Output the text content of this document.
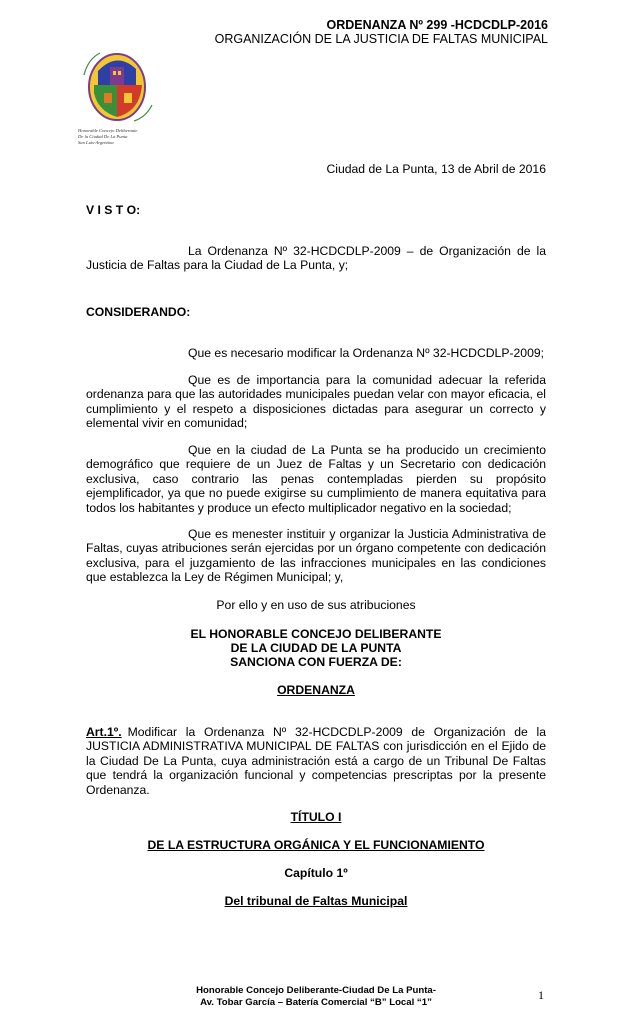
ORDENANZA Nº 299 -HCDCDLP-2016
ORGANIZACIÓN DE LA JUSTICIA DE FALTAS MUNICIPAL
Honorable Concejo Deliberante
De la Ciudad De La Punta
San Luis-Argentina
Ciudad de La Punta, 13 de Abril de 2016
V I S T O:
La Ordenanza Nº 32-HCDCDLP-2009 – de Organización de la Justicia de Faltas para la Ciudad de La Punta, y;
CONSIDERANDO:
Que es necesario modificar la Ordenanza Nº 32-HCDCDLP-2009;
Que es de importancia para la comunidad adecuar la referida ordenanza para que las autoridades municipales puedan velar con mayor eficacia, el cumplimiento y el respeto a disposiciones dictadas para asegurar un correcto y elemental vivir en comunidad;
Que en la ciudad de La Punta se ha producido un crecimiento demográfico que requiere de un Juez de Faltas y un Secretario con dedicación exclusiva, caso contrario las penas contempladas pierden su propósito ejemplificador, ya que no puede exigirse su cumplimiento de manera equitativa para todos los habitantes y produce un efecto multiplicador negativo en la sociedad;
Que es menester instituir y organizar la Justicia Administrativa de Faltas, cuyas atribuciones serán ejercidas por un órgano competente con dedicación exclusiva, para el juzgamiento de las infracciones municipales en las condiciones que establezca la Ley de Régimen Municipal; y,
Por ello y en uso de sus atribuciones
EL HONORABLE CONCEJO DELIBERANTE
DE LA CIUDAD DE LA PUNTA
SANCIONA CON FUERZA DE:
ORDENANZA
Art.1º. Modificar la Ordenanza Nº 32-HCDCDLP-2009 de Organización de la JUSTICIA ADMINISTRATIVA MUNICIPAL DE FALTAS con jurisdicción en el Ejido de la Ciudad De La Punta, cuya administración está a cargo de un Tribunal De Faltas que tendrá la organización funcional y competencias prescriptas por la presente Ordenanza.
TÍTULO I
DE LA ESTRUCTURA ORGÁNICA Y EL FUNCIONAMIENTO
Capítulo 1º
Del tribunal de Faltas Municipal
Honorable Concejo Deliberante-Ciudad De La Punta-
Av. Tobar García – Batería Comercial “B” Local “1”
1
